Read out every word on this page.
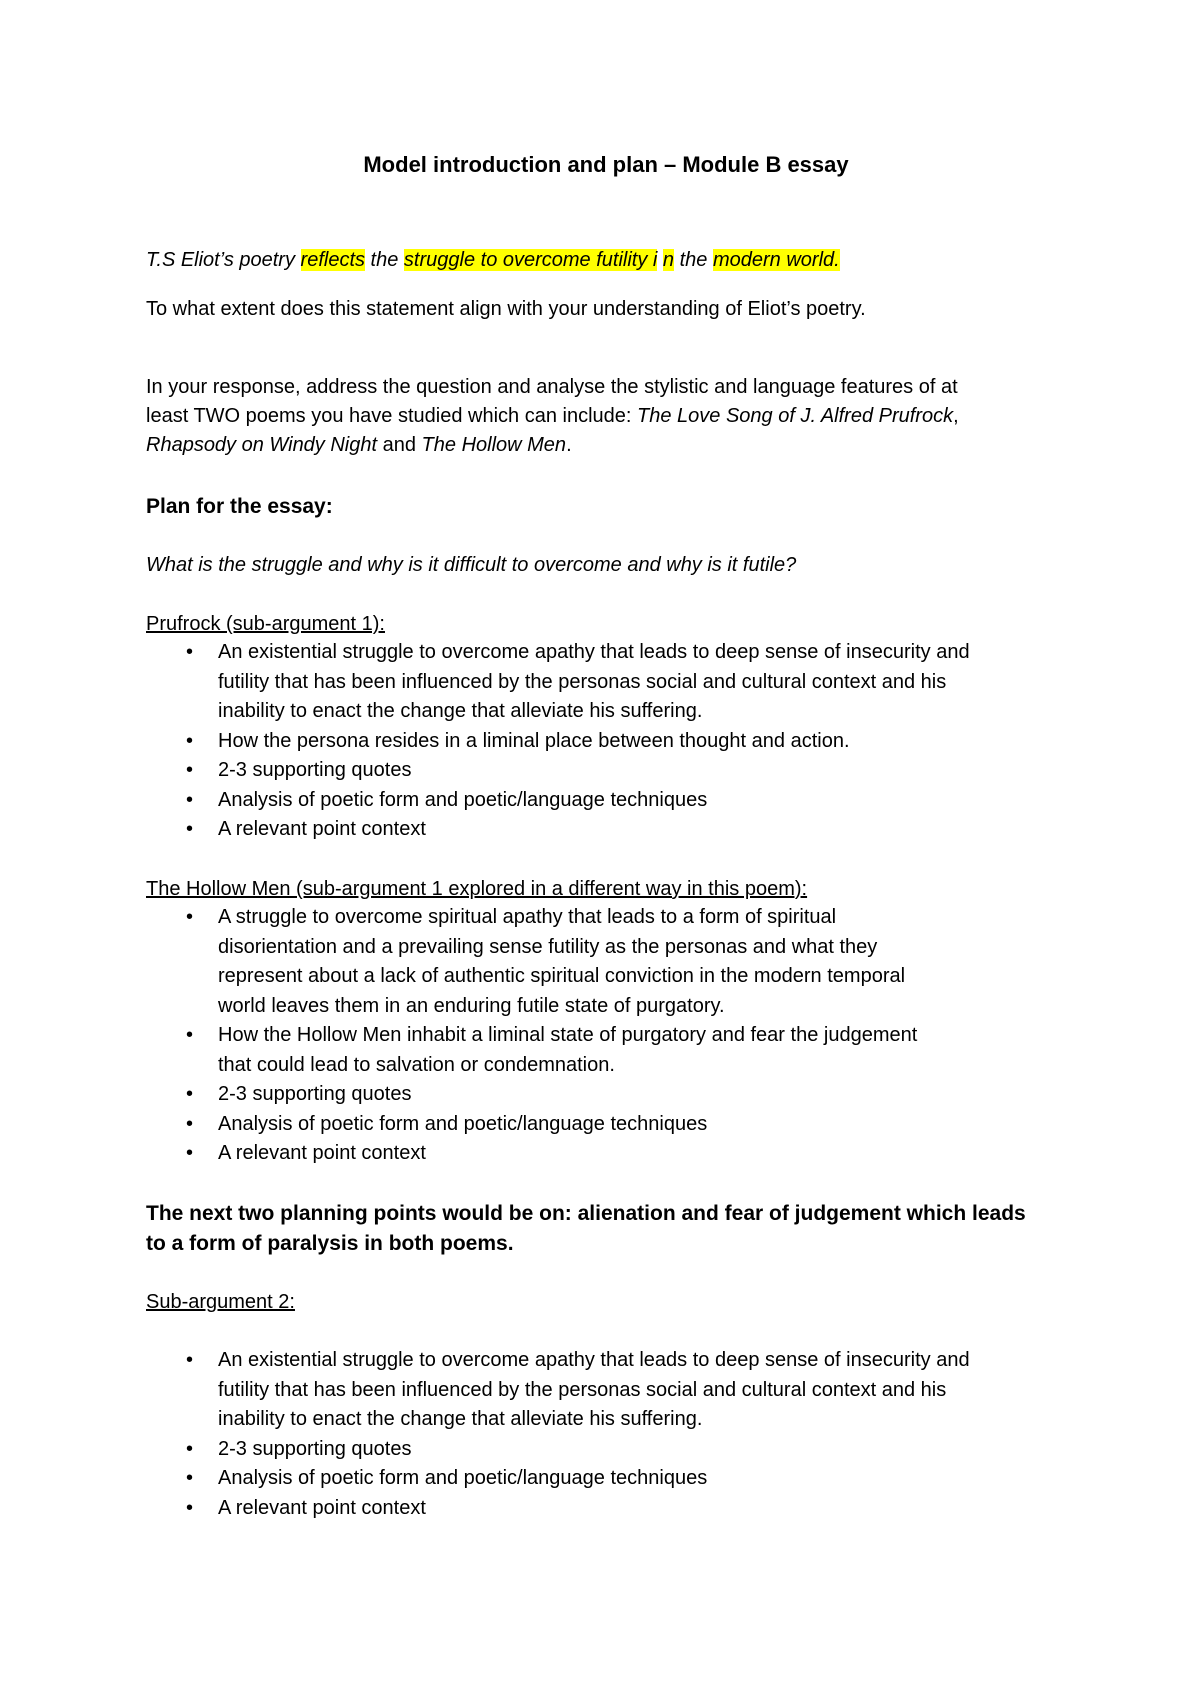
Model introduction and plan – Module B essay
T.S Eliot’s poetry reflects the struggle to overcome futility i n the modern world.
To what extent does this statement align with your understanding of Eliot’s poetry.
In your response, address the question and analyse the stylistic and language features of at
least TWO poems you have studied which can include: The Love Song of J. Alfred Prufrock,
Rhapsody on Windy Night and The Hollow Men.
Plan for the essay:
What is the struggle and why is it difficult to overcome and why is it futile?
Prufrock (sub-argument 1):
• An existential struggle to overcome apathy that leads to deep sense of insecurity and
futility that has been influenced by the personas social and cultural context and his
inability to enact the change that alleviate his suffering.
• How the persona resides in a liminal place between thought and action.
• 2-3 supporting quotes
• Analysis of poetic form and poetic/language techniques
• A relevant point context
The Hollow Men (sub-argument 1 explored in a different way in this poem):
• A struggle to overcome spiritual apathy that leads to a form of spiritual
disorientation and a prevailing sense futility as the personas and what they
represent about a lack of authentic spiritual conviction in the modern temporal
world leaves them in an enduring futile state of purgatory.
• How the Hollow Men inhabit a liminal state of purgatory and fear the judgement
that could lead to salvation or condemnation.
• 2-3 supporting quotes
• Analysis of poetic form and poetic/language techniques
• A relevant point context
The next two planning points would be on: alienation and fear of judgement which leads
to a form of paralysis in both poems.
Sub-argument 2:
• An existential struggle to overcome apathy that leads to deep sense of insecurity and
futility that has been influenced by the personas social and cultural context and his
inability to enact the change that alleviate his suffering.
• 2-3 supporting quotes
• Analysis of poetic form and poetic/language techniques
• A relevant point context
